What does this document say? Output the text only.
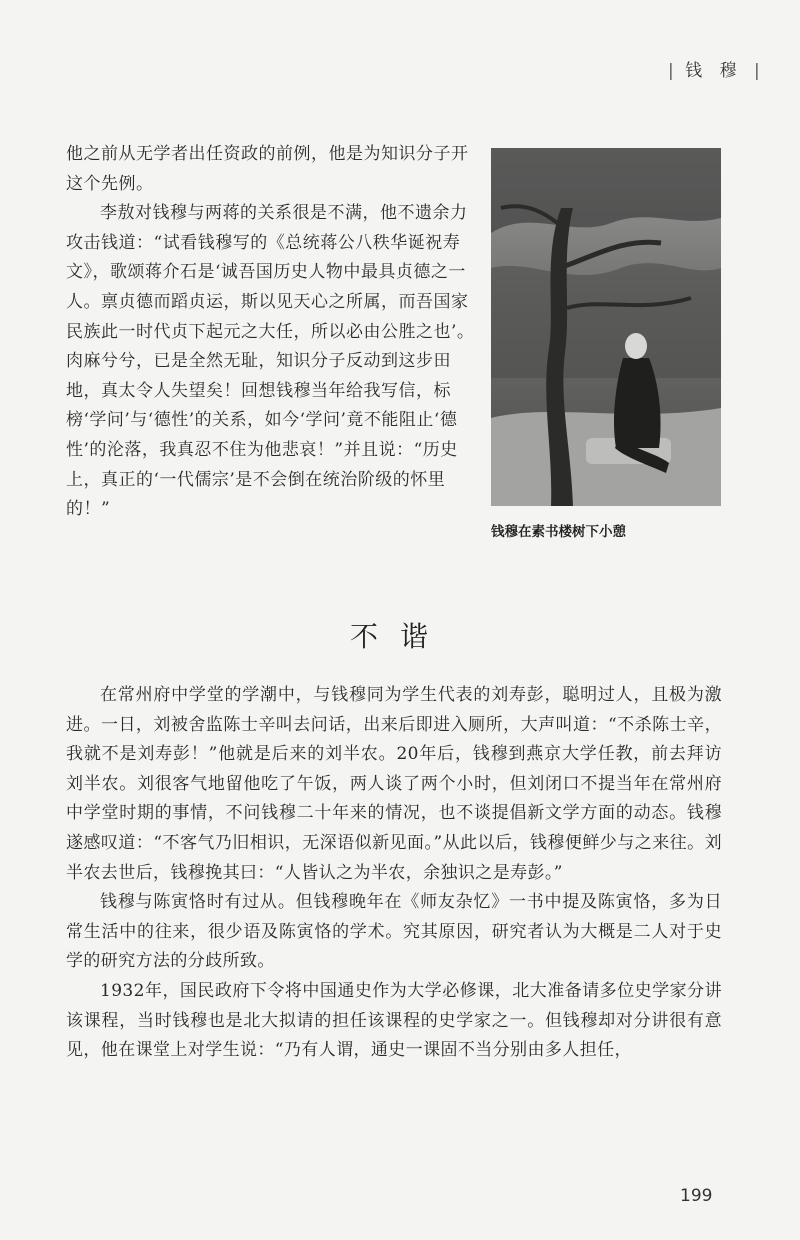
| 钱 穆 |

他之前从无学者出任资政的前例，他是为知识分子开这个先例。

李敖对钱穆与两蒋的关系很是不满，他不遗余力攻击钱道：“试看钱穆写的《总统蒋公八秩华诞祝寿文》，歌颂蒋介石是‘诚吾国历史人物中最具贞德之一人。禀贞德而蹈贞运，斯以见天心之所属，而吾国家民族此一时代贞下起元之大任，所以必由公胜之也’。肉麻兮兮，已是全然无耻，知识分子反动到这步田地，真太令人失望矣！回想钱穆当年给我写信，标榜‘学问’与‘德性’的关系，如今‘学问’竟不能阻止‘德性’的沦落，我真忍不住为他悲哀！”并且说：“历史上，真正的‘一代儒宗’是不会倒在统治阶级的怀里的！”

钱穆在素书楼树下小憩
不谐

在常州府中学堂的学潮中，与钱穆同为学生代表的刘寿彭，聪明过人，且极为激进。一日，刘被舍监陈士辛叫去问话，出来后即进入厕所，大声叫道：“不杀陈士辛，我就不是刘寿彭！”他就是后来的刘半农。20年后，钱穆到燕京大学任教，前去拜访刘半农。刘很客气地留他吃了午饭，两人谈了两个小时，但刘闭口不提当年在常州府中学堂时期的事情，不问钱穆二十年来的情况，也不谈提倡新文学方面的动态。钱穆遂感叹道：“不客气乃旧相识，无深语似新见面。”从此以后，钱穆便鲜少与之来往。刘半农去世后，钱穆挽其曰：“人皆认之为半农，余独识之是寿彭。”

钱穆与陈寅恪时有过从。但钱穆晚年在《师友杂忆》一书中提及陈寅恪，多为日常生活中的往来，很少语及陈寅恪的学术。究其原因，研究者认为大概是二人对于史学的研究方法的分歧所致。

1932年，国民政府下令将中国通史作为大学必修课，北大准备请多位史学家分讲该课程，当时钱穆也是北大拟请的担任该课程的史学家之一。但钱穆却对分讲很有意见，他在课堂上对学生说：“乃有人谓，通史一课固不当分别由多人担任，

199
